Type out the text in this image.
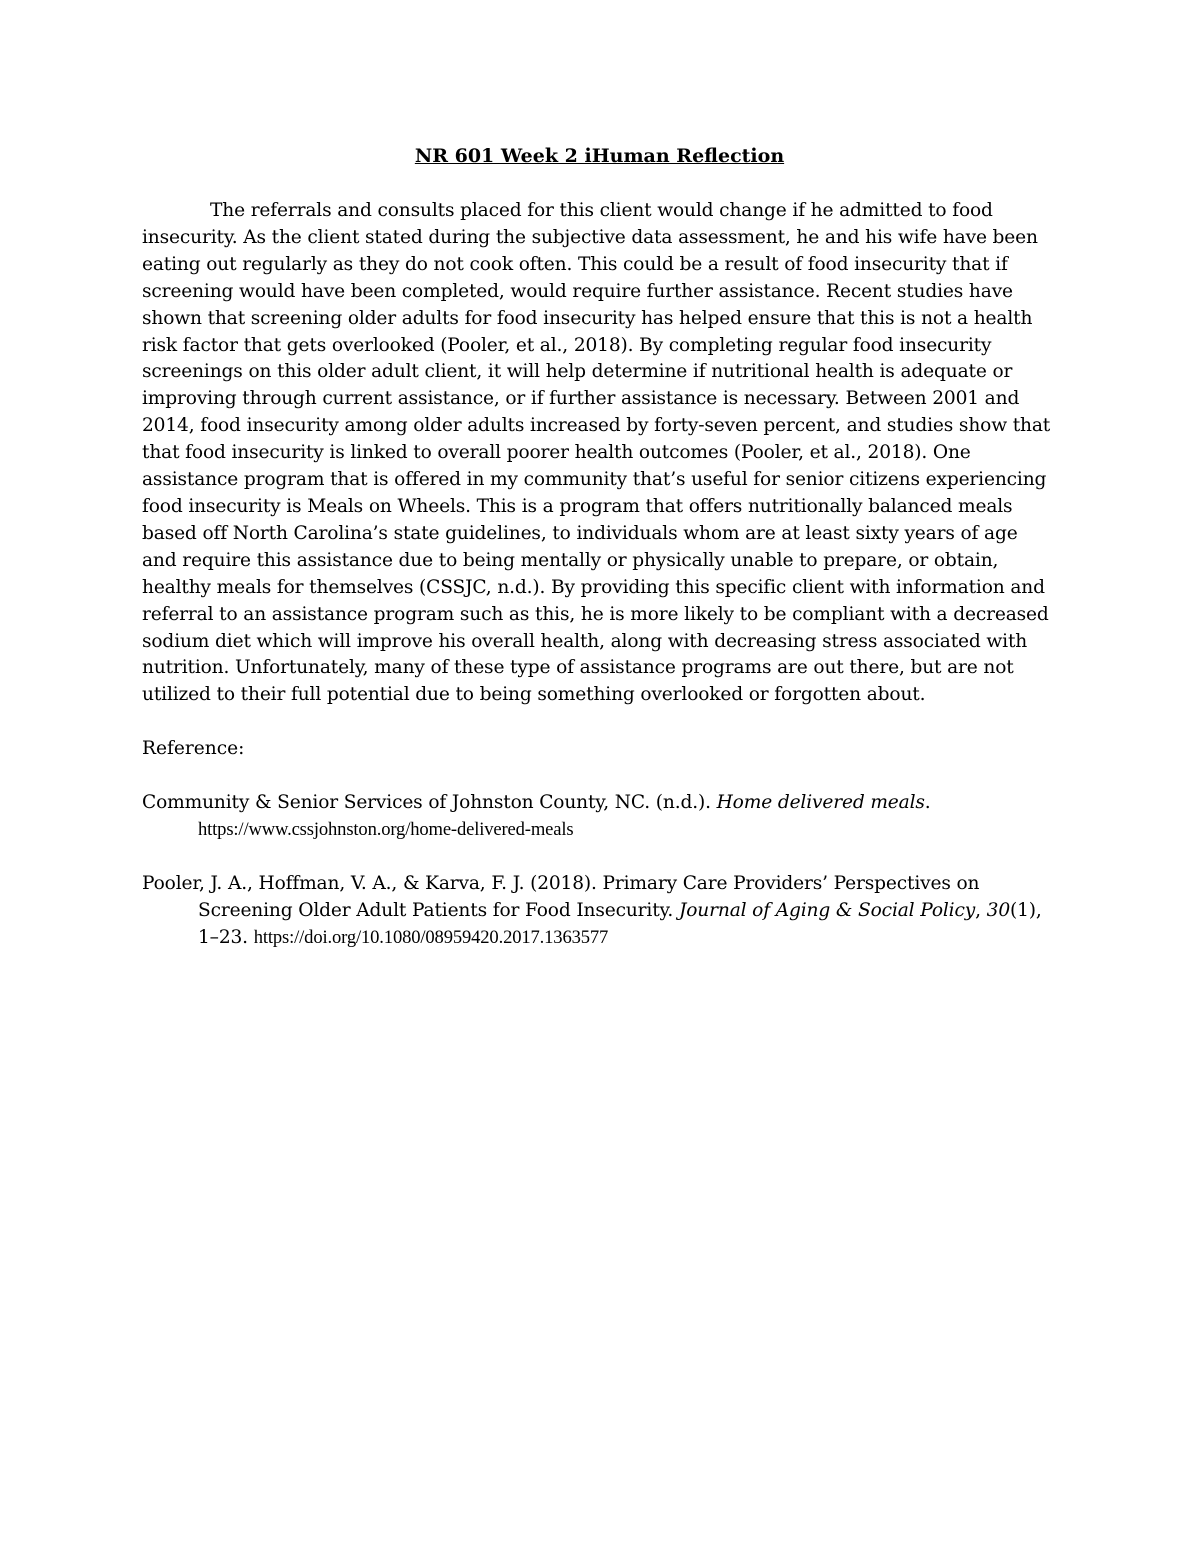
NR 601 Week 2 iHuman Reflection

The referrals and consults placed for this client would change if he admitted to food insecurity. As the client stated during the subjective data assessment, he and his wife have been eating out regularly as they do not cook often. This could be a result of food insecurity that if screening would have been completed, would require further assistance. Recent studies have shown that screening older adults for food insecurity has helped ensure that this is not a health risk factor that gets overlooked (Pooler, et al., 2018). By completing regular food insecurity screenings on this older adult client, it will help determine if nutritional health is adequate or improving through current assistance, or if further assistance is necessary. Between 2001 and 2014, food insecurity among older adults increased by forty-seven percent, and studies show that that food insecurity is linked to overall poorer health outcomes (Pooler, et al., 2018). One assistance program that is offered in my community that’s useful for senior citizens experiencing food insecurity is Meals on Wheels. This is a program that offers nutritionally balanced meals based off North Carolina’s state guidelines, to individuals whom are at least sixty years of age and require this assistance due to being mentally or physically unable to prepare, or obtain, healthy meals for themselves (CSSJC, n.d.). By providing this specific client with information and referral to an assistance program such as this, he is more likely to be compliant with a decreased sodium diet which will improve his overall health, along with decreasing stress associated with nutrition. Unfortunately, many of these type of assistance programs are out there, but are not utilized to their full potential due to being something overlooked or forgotten about.

Reference:
Community & Senior Services of Johnston County, NC. (n.d.). Home delivered meals. https://www.cssjohnston.org/home-delivered-meals
Pooler, J. A., Hoffman, V. A., & Karva, F. J. (2018). Primary Care Providers’ Perspectives on Screening Older Adult Patients for Food Insecurity. Journal of Aging & Social Policy, 30(1), 1–23. https://doi.org/10.1080/08959420.2017.1363577
